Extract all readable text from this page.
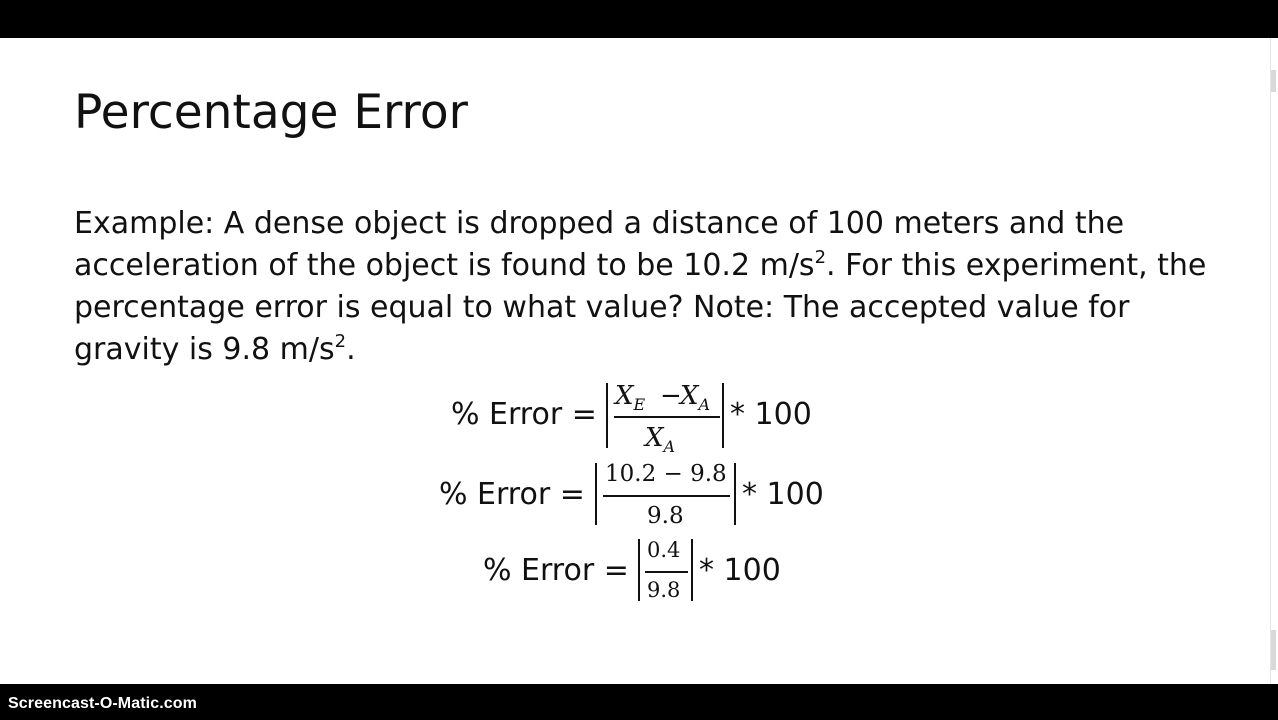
Percentage Error

Example: A dense object is dropped a distance of 100 meters and the acceleration of the object is found to be 10.2 $m/s^2$. For this experiment, the percentage error is equal to what value? Note: The accepted value for gravity is 9.8 $m/s^2$.

% Error =
$X_E$ −
$X_A$
$X_A$
* 100
% Error =
10.2 − 9.8
9.8
* 100
% Error =
0.4
9.8
* 100
Screencast-O-Matic.com
